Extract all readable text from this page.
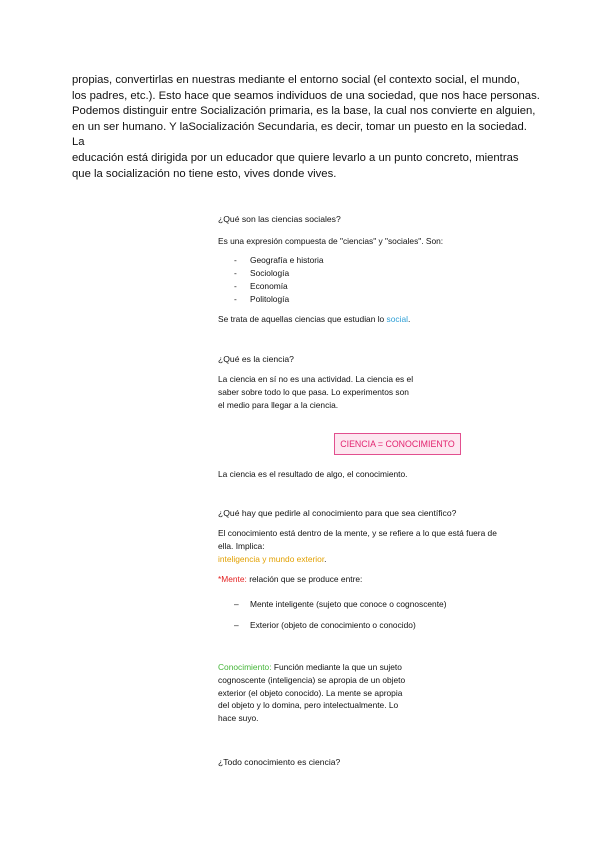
propias, convertirlas en nuestras mediante el entorno social (el contexto social, el mundo,

los padres, etc.). Esto hace que seamos individuos de una sociedad, que nos hace personas.

Podemos distinguir entre Socialización primaria, es la base, la cual nos convierte en alguien,

en un ser humano. Y laSocialización Secundaria, es decir, tomar un puesto en la sociedad. La

educación está dirigida por un educador que quiere levarlo a un punto concreto, mientras

que la socialización no tiene esto, vives donde vives.

¿Qué son las ciencias sociales?
Es una expresión compuesta de "ciencias" y "sociales". Son:
- Geografía e historia
- Sociología
- Economía
- Politología
Se trata de aquellas ciencias que estudian lo social.
¿Qué es la ciencia?
La ciencia en sí no es una actividad. La ciencia es el
saber sobre todo lo que pasa. Lo experimentos son
el medio para llegar a la ciencia.
CIENCIA = CONOCIMIENTO
La ciencia es el resultado de algo, el conocimiento.
¿Qué hay que pedirle al conocimiento para que sea científico?
El conocimiento está dentro de la mente, y se refiere a lo que está fuera de
ella. Implica:
inteligencia y mundo exterior.
*Mente: relación que se produce entre:
– Mente inteligente (sujeto que conoce o cognoscente)
– Exterior (objeto de conocimiento o conocido)
Conocimiento: Función mediante la que un sujeto
cognoscente (inteligencia) se apropia de un objeto
exterior (el objeto conocido). La mente se apropia
del objeto y lo domina, pero intelectualmente. Lo
hace suyo.
¿Todo conocimiento es ciencia?
